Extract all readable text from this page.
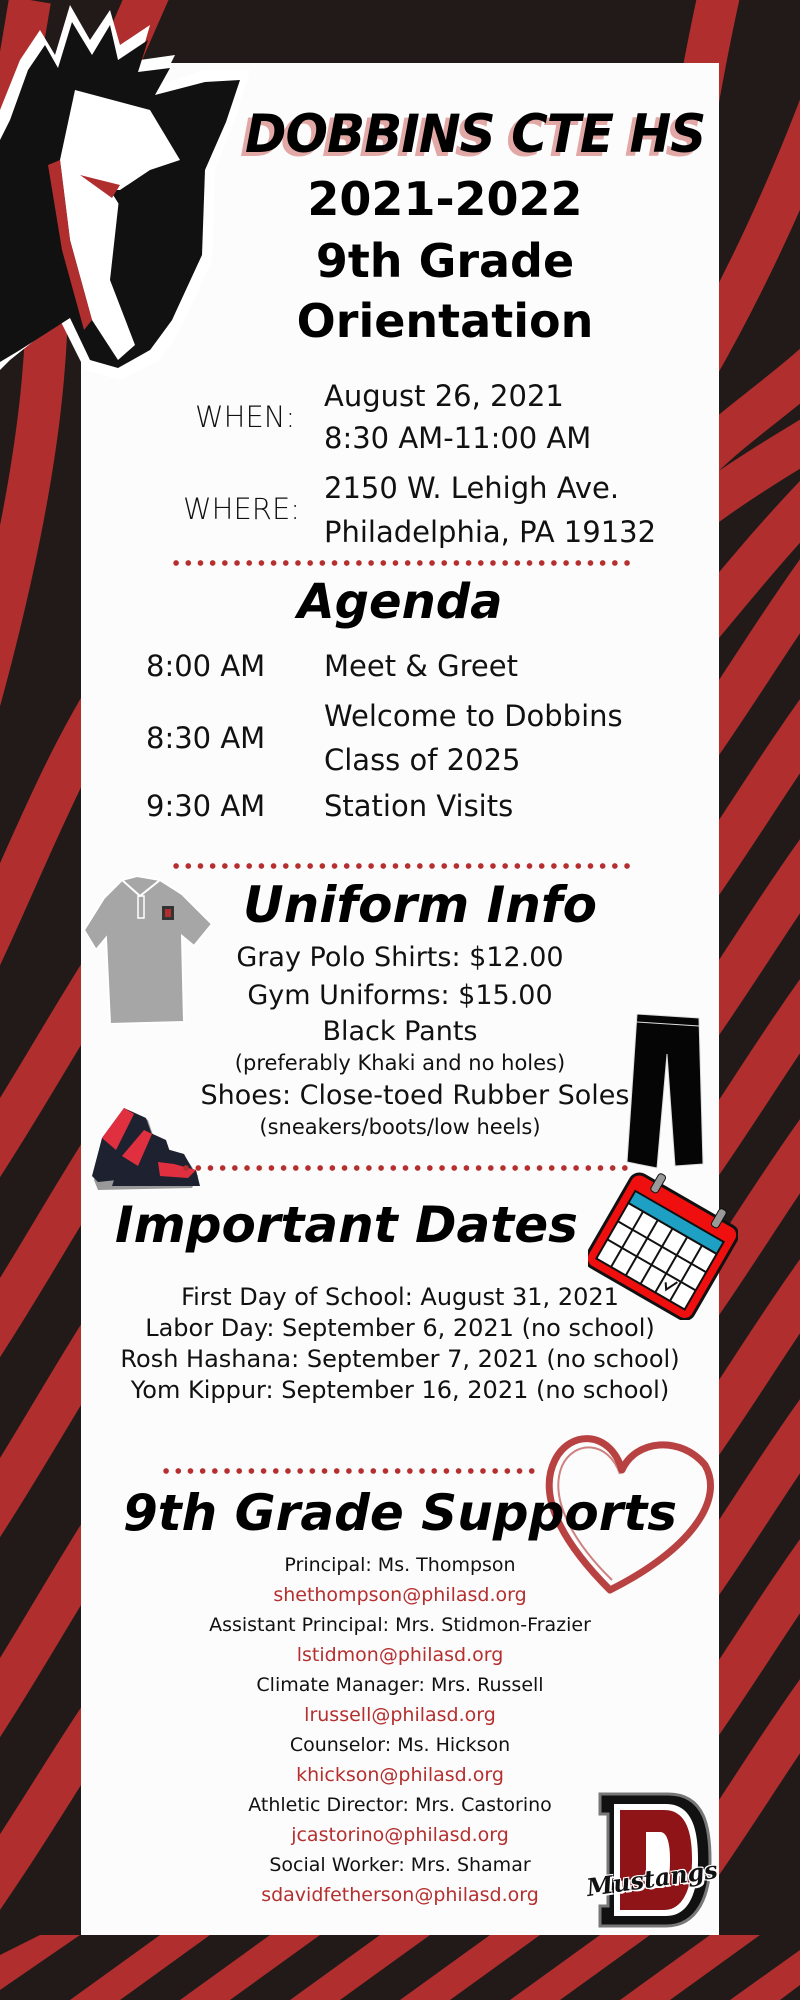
DOBBINS CTE HS
2021-2022
9th Grade
Orientation
WHEN:
August 26, 2021
8:30 AM-11:00 AM
WHERE:
2150 W. Lehigh Ave.
Philadelphia, PA 19132
Agenda
8:00 AM Meet & Greet
8:30 AM
Welcome to Dobbins
Class of 2025
9:30 AM Station Visits
Uniform Info
Gray Polo Shirts: $12.00
Gym Uniforms: $15.00
Black Pants
(preferably Khaki and no holes)
Shoes: Close-toed Rubber Soles
(sneakers/boots/low heels)
Important Dates
First Day of School: August 31, 2021
Labor Day: September 6, 2021 (no school)
Rosh Hashana: September 7, 2021 (no school)
Yom Kippur: September 16, 2021 (no school)
9th Grade Supports
Principal: Ms. Thompson
shethompson@philasd.org
Assistant Principal: Mrs. Stidmon-Frazier
lstidmon@philasd.org
Climate Manager: Mrs. Russell
lrussell@philasd.org
Counselor: Ms. Hickson
khickson@philasd.org
Athletic Director: Mrs. Castorino
jcastorino@philasd.org
Social Worker: Mrs. Shamar
sdavidfetherson@philasd.org	Mustangs
